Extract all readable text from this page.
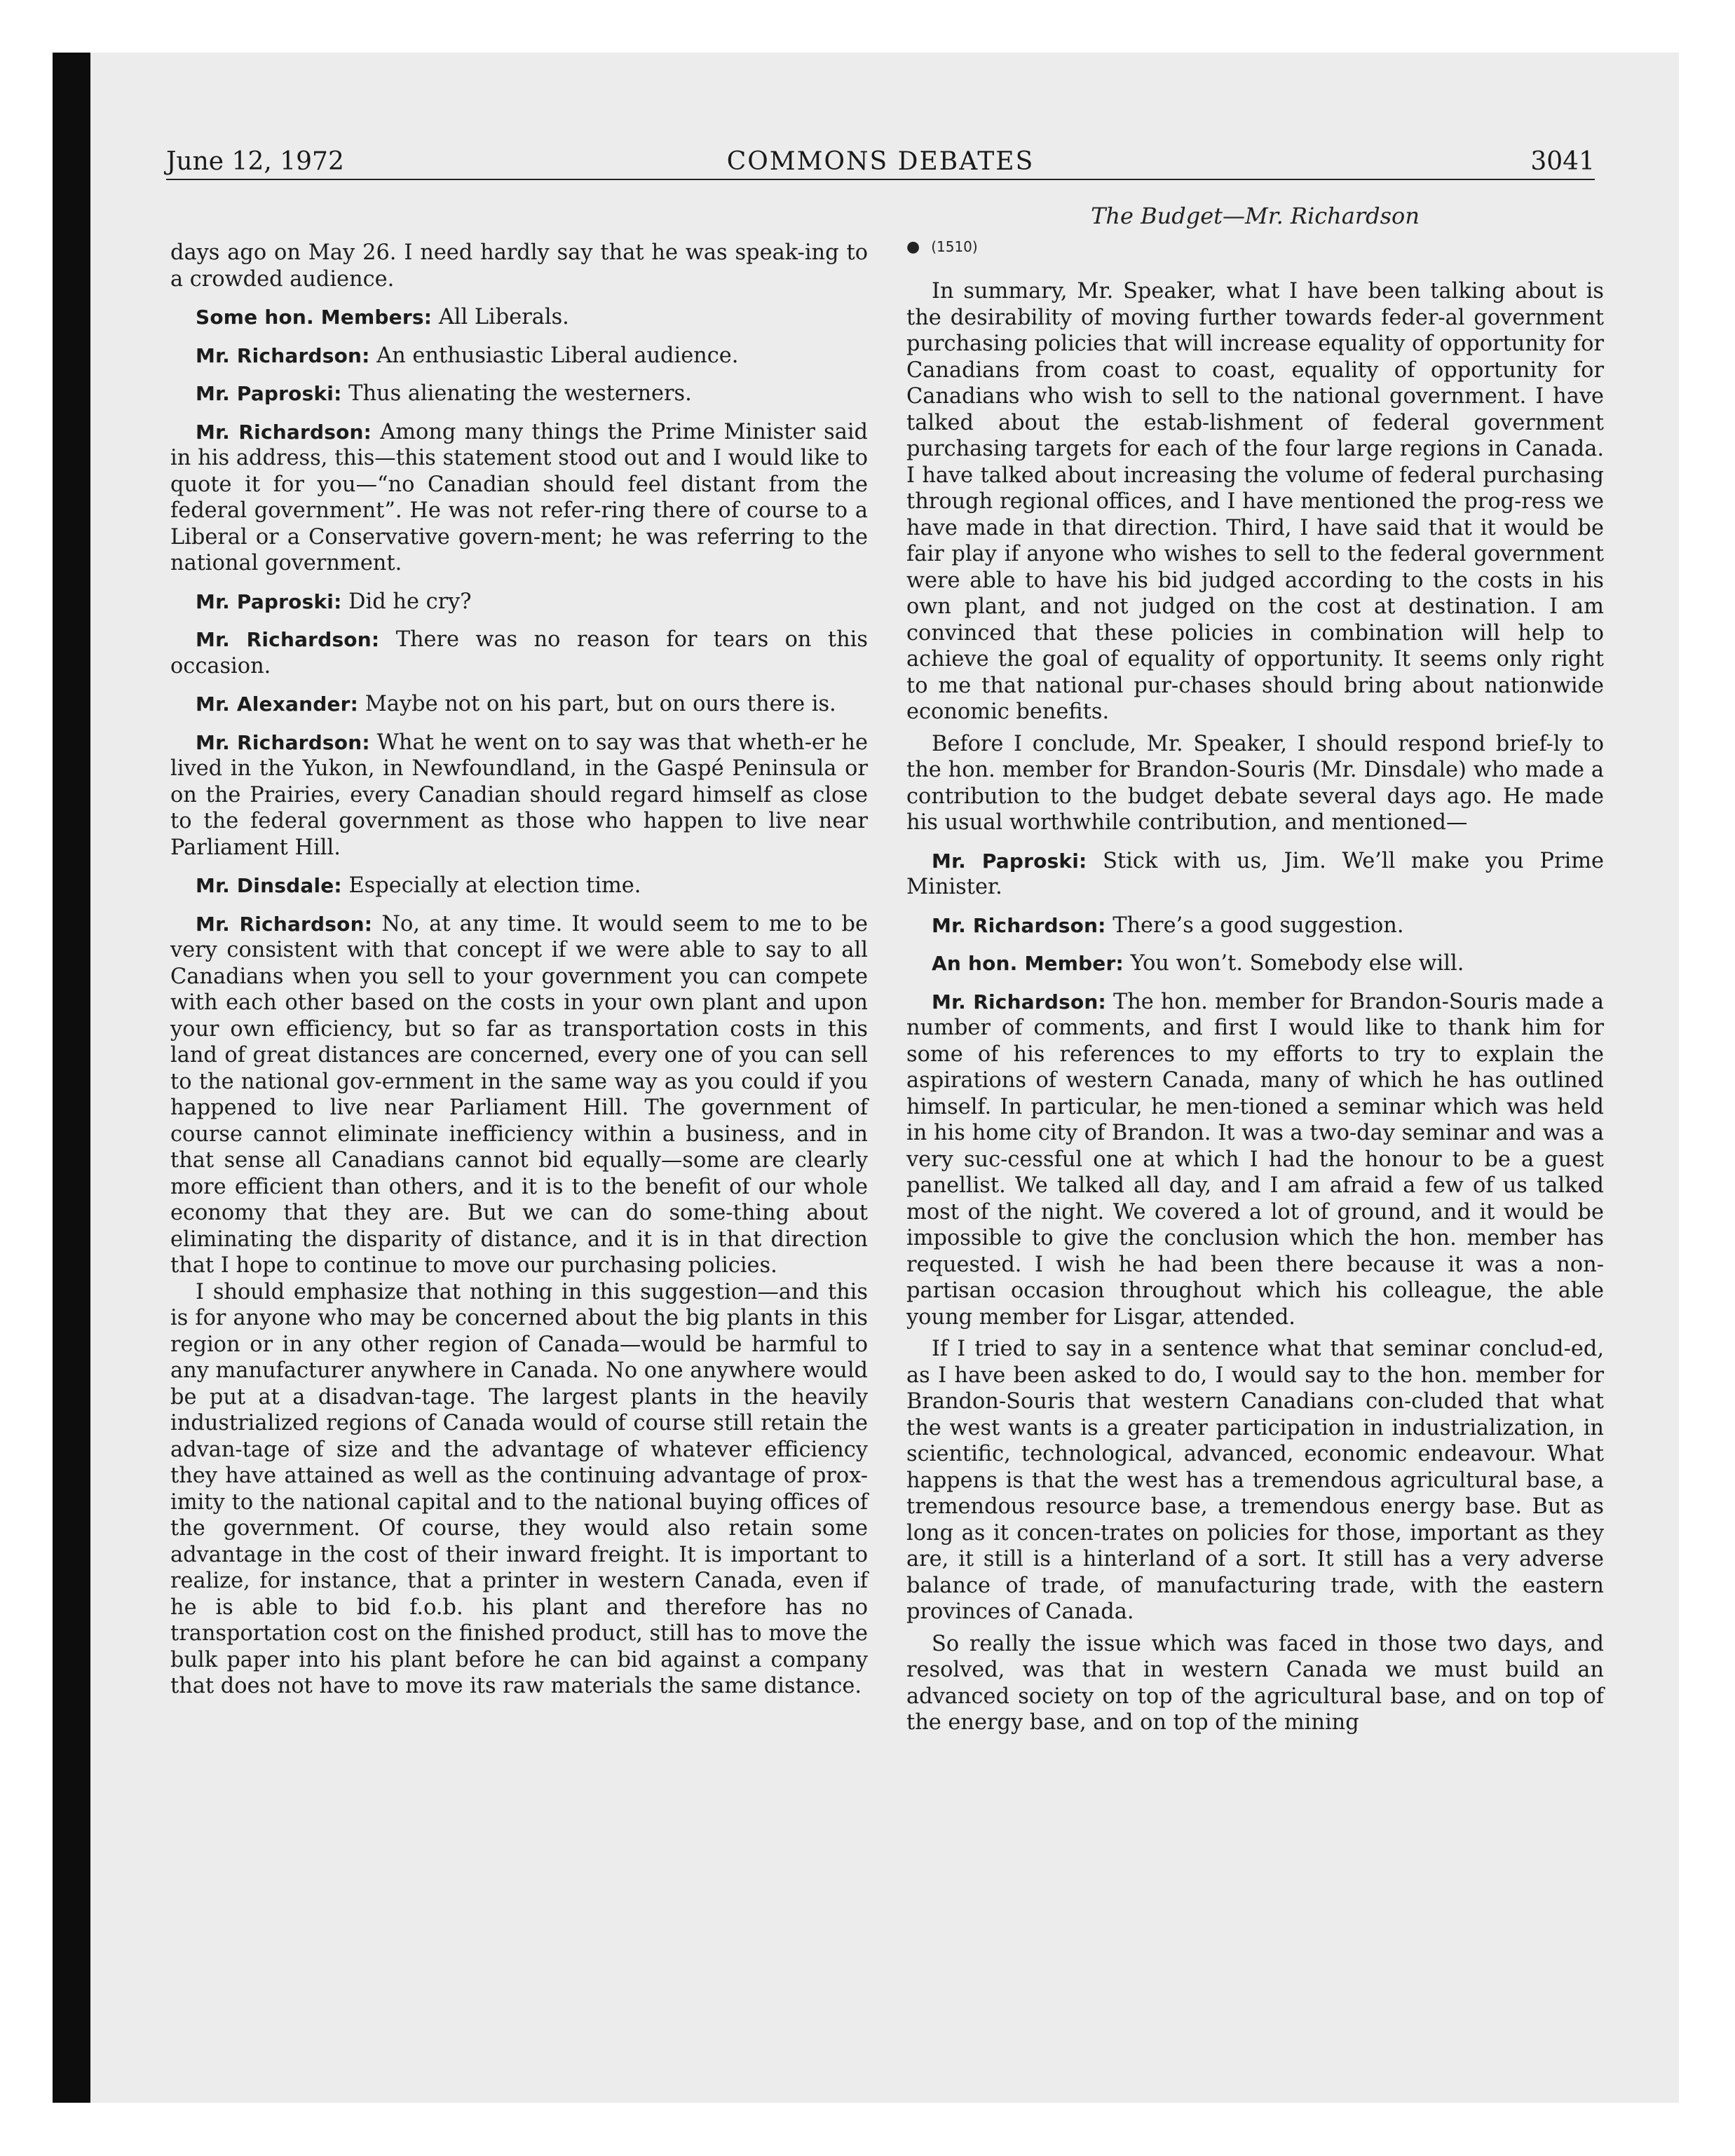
June 12, 1972	COMMONS DEBATES	3041

days ago on May 26. I need hardly say that he was speak-ing to a crowded audience.

Some hon. Members: All Liberals.

Mr. Richardson: An enthusiastic Liberal audience.

Mr. Paproski: Thus alienating the westerners.

Mr. Richardson: Among many things the Prime Minister said in his address, this—this statement stood out and I would like to quote it for you—“no Canadian should feel distant from the federal government”. He was not refer-ring there of course to a Liberal or a Conservative govern-ment; he was referring to the national government.

Mr. Paproski: Did he cry?

Mr. Richardson: There was no reason for tears on this occasion.

Mr. Alexander: Maybe not on his part, but on ours there is.

Mr. Richardson: What he went on to say was that wheth-er he lived in the Yukon, in Newfoundland, in the Gaspé Peninsula or on the Prairies, every Canadian should regard himself as close to the federal government as those who happen to live near Parliament Hill.

Mr. Dinsdale: Especially at election time.

Mr. Richardson: No, at any time. It would seem to me to be very consistent with that concept if we were able to say to all Canadians when you sell to your government you can compete with each other based on the costs in your own plant and upon your own efficiency, but so far as transportation costs in this land of great distances are concerned, every one of you can sell to the national gov-ernment in the same way as you could if you happened to live near Parliament Hill. The government of course cannot eliminate inefficiency within a business, and in that sense all Canadians cannot bid equally—some are clearly more efficient than others, and it is to the benefit of our whole economy that they are. But we can do some-thing about eliminating the disparity of distance, and it is in that direction that I hope to continue to move our purchasing policies.

I should emphasize that nothing in this suggestion—and this is for anyone who may be concerned about the big plants in this region or in any other region of Canada—would be harmful to any manufacturer anywhere in Canada. No one anywhere would be put at a disadvan-tage. The largest plants in the heavily industrialized regions of Canada would of course still retain the advan-tage of size and the advantage of whatever efficiency they have attained as well as the continuing advantage of prox-imity to the national capital and to the national buying offices of the government. Of course, they would also retain some advantage in the cost of their inward freight. It is important to realize, for instance, that a printer in western Canada, even if he is able to bid f.o.b. his plant and therefore has no transportation cost on the finished product, still has to move the bulk paper into his plant before he can bid against a company that does not have to move its raw materials the same distance.

The Budget—Mr. Richardson
● (1510)

In summary, Mr. Speaker, what I have been talking about is the desirability of moving further towards feder-al government purchasing policies that will increase equality of opportunity for Canadians from coast to coast, equality of opportunity for Canadians who wish to sell to the national government. I have talked about the estab-lishment of federal government purchasing targets for each of the four large regions in Canada. I have talked about increasing the volume of federal purchasing through regional offices, and I have mentioned the prog-ress we have made in that direction. Third, I have said that it would be fair play if anyone who wishes to sell to the federal government were able to have his bid judged according to the costs in his own plant, and not judged on the cost at destination. I am convinced that these policies in combination will help to achieve the goal of equality of opportunity. It seems only right to me that national pur-chases should bring about nationwide economic benefits.

Before I conclude, Mr. Speaker, I should respond brief-ly to the hon. member for Brandon-Souris (Mr. Dinsdale) who made a contribution to the budget debate several days ago. He made his usual worthwhile contribution, and mentioned—

Mr. Paproski: Stick with us, Jim. We’ll make you Prime Minister.

Mr. Richardson: There’s a good suggestion.

An hon. Member: You won’t. Somebody else will.

Mr. Richardson: The hon. member for Brandon-Souris made a number of comments, and first I would like to thank him for some of his references to my efforts to try to explain the aspirations of western Canada, many of which he has outlined himself. In particular, he men-tioned a seminar which was held in his home city of Brandon. It was a two-day seminar and was a very suc-cessful one at which I had the honour to be a guest panellist. We talked all day, and I am afraid a few of us talked most of the night. We covered a lot of ground, and it would be impossible to give the conclusion which the hon. member has requested. I wish he had been there because it was a non-partisan occasion throughout which his colleague, the able young member for Lisgar, attended.

If I tried to say in a sentence what that seminar conclud-ed, as I have been asked to do, I would say to the hon. member for Brandon-Souris that western Canadians con-cluded that what the west wants is a greater participation in industrialization, in scientific, technological, advanced, economic endeavour. What happens is that the west has a tremendous agricultural base, a tremendous resource base, a tremendous energy base. But as long as it concen-trates on policies for those, important as they are, it still is a hinterland of a sort. It still has a very adverse balance of trade, of manufacturing trade, with the eastern provinces of Canada.

So really the issue which was faced in those two days, and resolved, was that in western Canada we must build an advanced society on top of the agricultural base, and on top of the energy base, and on top of the mining
